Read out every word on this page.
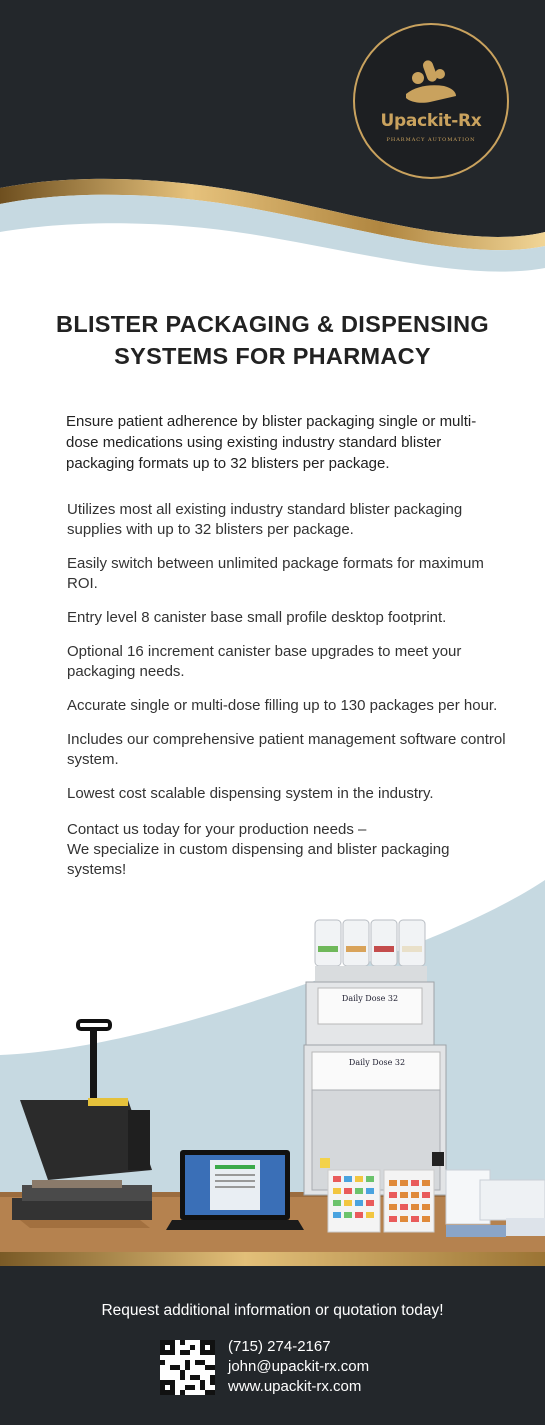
Upackit-Rx
PHARMACY AUTOMATION
BLISTER PACKAGING & DISPENSING
SYSTEMS FOR PHARMACY
Ensure patient adherence by blister packaging single or multi-dose medications using existing industry standard blister packaging formats up to 32 blisters per package.

Utilizes most all existing industry standard blister packaging supplies with up to 32 blisters per package.

Easily switch between unlimited package formats for maximum ROI.

Entry level 8 canister base small profile desktop footprint.

Optional 16 increment canister base upgrades to meet your packaging needs.

Accurate single or multi-dose filling up to 130 packages per hour.

Includes our comprehensive patient management software control system.

Lowest cost scalable dispensing system in the industry.

Contact us today for your production needs –
We specialize in custom dispensing and blister packaging systems!

Daily Dose 32
Daily Dose 32
Request additional information or quotation today!
(715) 274-2167
john@upackit-rx.com
www.upackit-rx.com
